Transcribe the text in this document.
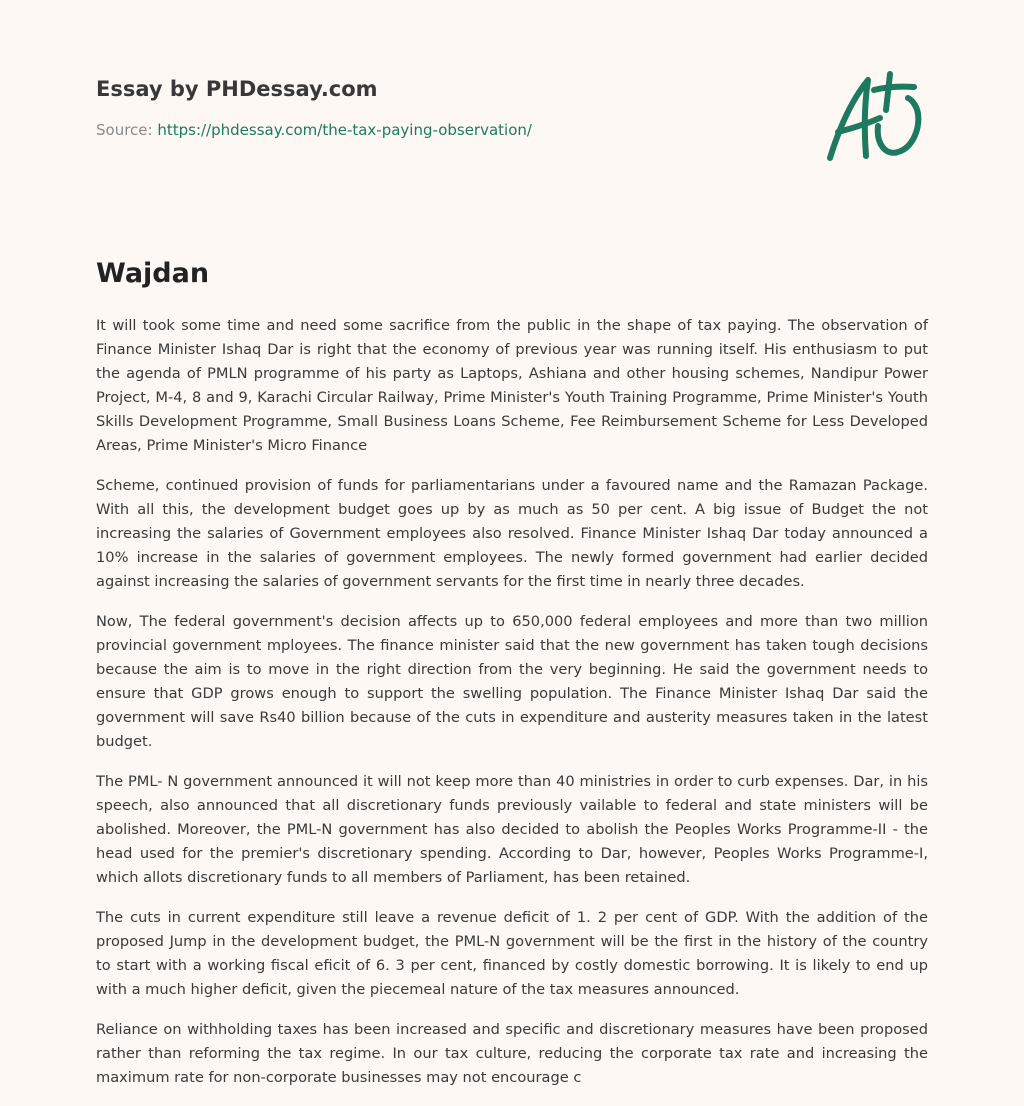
Essay by PHDessay.com
Source: https://phdessay.com/the-tax-paying-observation/
Wajdan

It will took some time and need some sacrifice from the public in the shape of tax paying. The observation of Finance Minister Ishaq Dar is right that the economy of previous year was running itself. His enthusiasm to put the agenda of PMLN programme of his party as Laptops, Ashiana and other housing schemes, Nandipur Power Project, M-4, 8 and 9, Karachi Circular Railway, Prime Minister's Youth Training Programme, Prime Minister's Youth Skills Development Programme, Small Business Loans Scheme, Fee Reimbursement Scheme for Less Developed Areas, Prime Minister's Micro Finance

Scheme, continued provision of funds for parliamentarians under a favoured name and the Ramazan Package. With all this, the development budget goes up by as much as 50 per cent. A big issue of Budget the not increasing the salaries of Government employees also resolved. Finance Minister Ishaq Dar today announced a 10% increase in the salaries of government employees. The newly formed government had earlier decided against increasing the salaries of government servants for the first time in nearly three decades.

Now, The federal government's decision affects up to 650,000 federal employees and more than two million provincial government mployees. The finance minister said that the new government has taken tough decisions because the aim is to move in the right direction from the very beginning. He said the government needs to ensure that GDP grows enough to support the swelling population. The Finance Minister Ishaq Dar said the government will save Rs40 billion because of the cuts in expenditure and austerity measures taken in the latest budget.

The PML- N government announced it will not keep more than 40 ministries in order to curb expenses. Dar, in his speech, also announced that all discretionary funds previously vailable to federal and state ministers will be abolished. Moreover, the PML-N government has also decided to abolish the Peoples Works Programme-II - the head used for the premier's discretionary spending. According to Dar, however, Peoples Works Programme-I, which allots discretionary funds to all members of Parliament, has been retained.

The cuts in current expenditure still leave a revenue deficit of 1. 2 per cent of GDP. With the addition of the proposed Jump in the development budget, the PML-N government will be the first in the history of the country to start with a working fiscal eficit of 6. 3 per cent, financed by costly domestic borrowing. It is likely to end up with a much higher deficit, given the piecemeal nature of the tax measures announced.

Reliance on withholding taxes has been increased and specific and discretionary measures have been proposed rather than reforming the tax regime. In our tax culture, reducing the corporate tax rate and increasing the maximum rate for non-corporate businesses may not encourage c
